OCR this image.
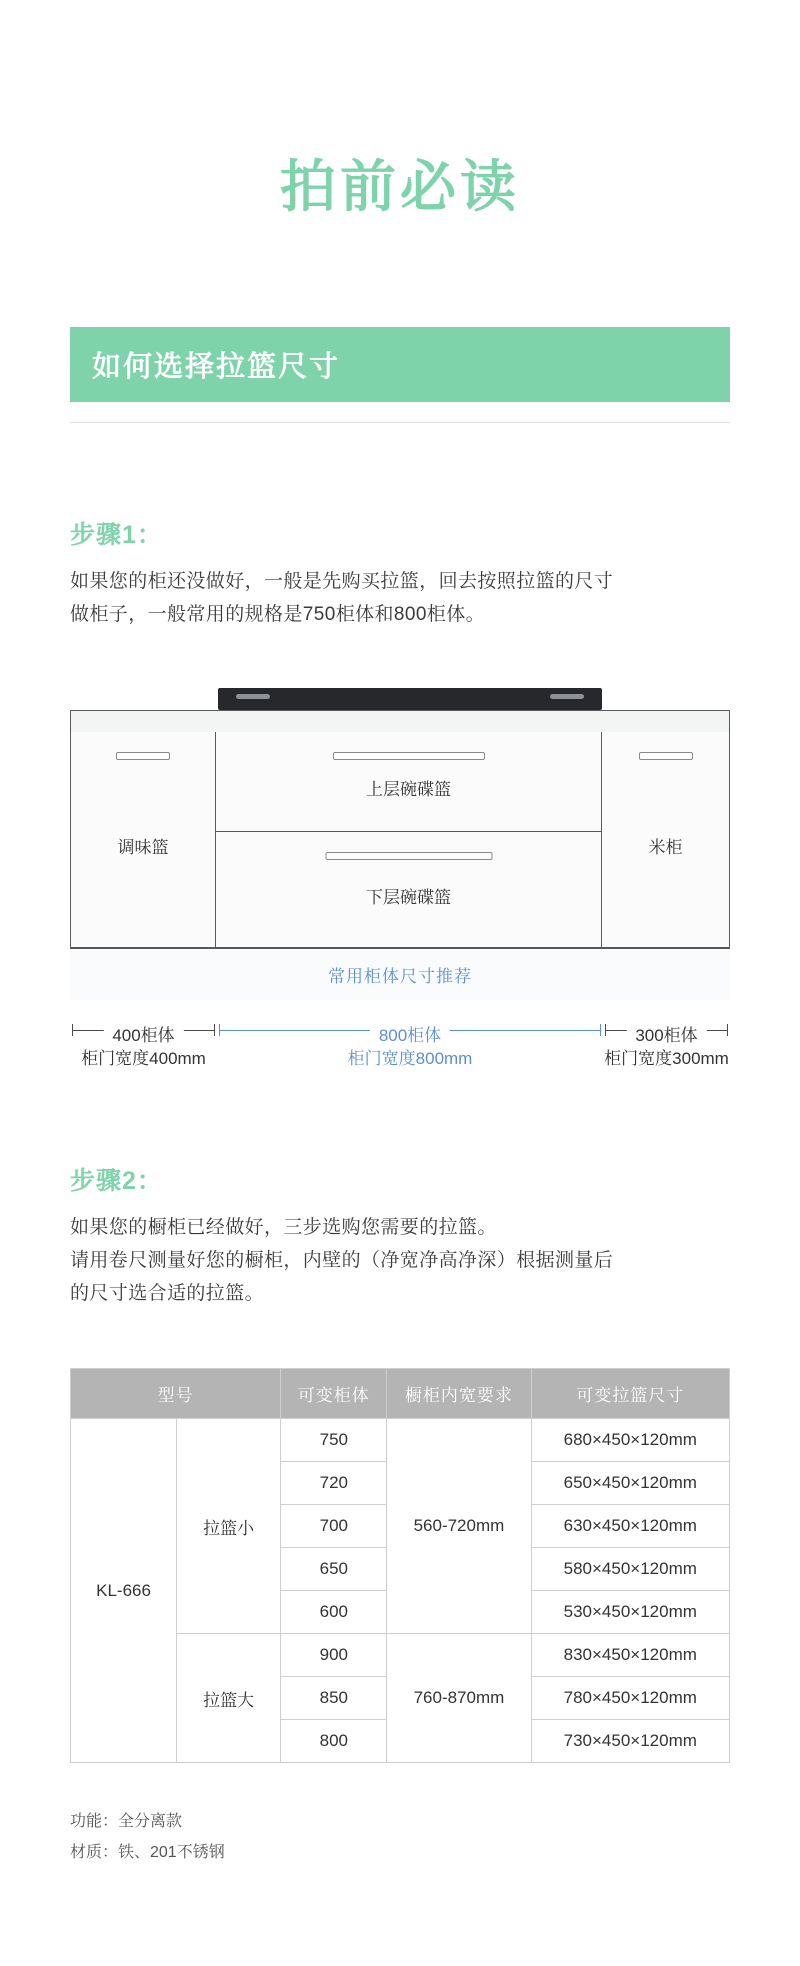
拍前必读
如何选择拉篮尺寸
步骤1：
如果您的柜还没做好，一般是先购买拉篮，回去按照拉篮的尺寸
做柜子，一般常用的规格是750柜体和800柜体。
调味篮
上层碗碟篮
下层碗碟篮
米柜
常用柜体尺寸推荐
400柜体
柜门宽度400mm
800柜体
柜门宽度800mm
300柜体
柜门宽度300mm
步骤2：
如果您的橱柜已经做好，三步选购您需要的拉篮。
请用卷尺测量好您的橱柜，内壁的（净宽净高净深）根据测量后
的尺寸选合适的拉篮。
型号		可变柜体	橱柜内宽要求	可变拉篮尺寸
KL-666	拉篮小	750	560-720mm	680×450×120mm
		720		650×450×120mm
		700		630×450×120mm
		650		580×450×120mm
		600		530×450×120mm
	拉篮大	900	760-870mm	830×450×120mm
		850		780×450×120mm
		800		730×450×120mm
功能：全分离款
材质：铁、201不锈钢
